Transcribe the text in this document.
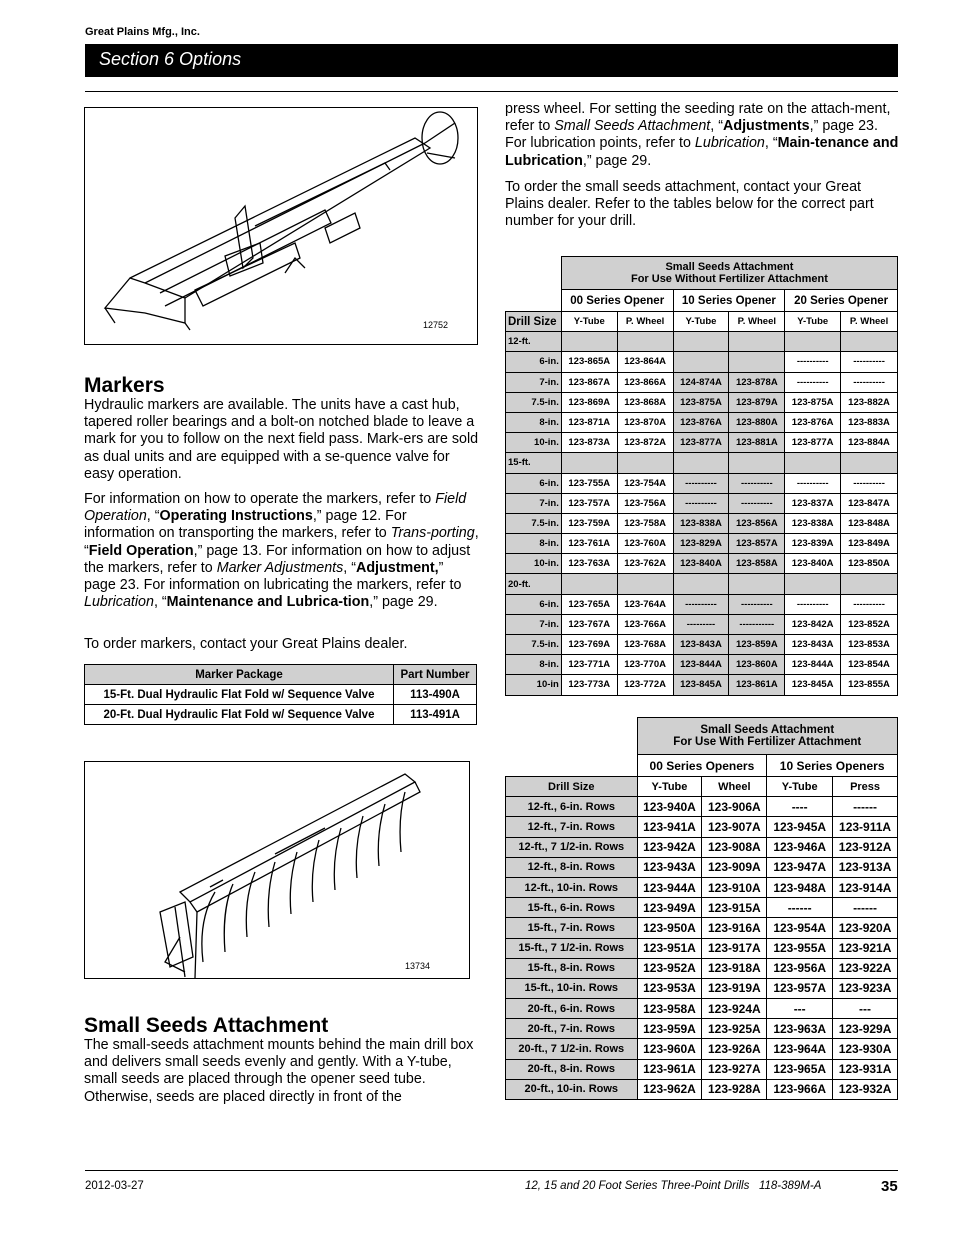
Great Plains Mfg., Inc.
Section 6 Options
12752
Markers
Hydraulic markers are available. The units have a cast hub, tapered roller bearings and a bolt-on notched blade to leave a mark for you to follow on the next field pass. Mark-ers are sold as dual units and are equipped with a se-quence valve for easy operation.
For information on how to operate the markers, refer to Field Operation, “Operating Instructions,” page 12. For information on transporting the markers, refer to Trans-porting, “Field Operation,” page 13. For information on how to adjust the markers, refer to Marker Adjustments, “Adjustment,” page 23. For information on lubricating the markers, refer to Lubrication, “Maintenance and Lubrica-tion,” page 29.
To order markers, contact your Great Plains dealer.
Marker Package	Part Number
15-Ft. Dual Hydraulic Flat Fold w/ Sequence Valve	113-490A
20-Ft. Dual Hydraulic Flat Fold w/ Sequence Valve	113-491A
13734
Small Seeds Attachment
The small-seeds attachment mounts behind the main drill box and delivers small seeds evenly and gently. With a Y-tube, small seeds are placed through the opener seed tube. Otherwise, seeds are placed directly in front of the
press wheel. For setting the seeding rate on the attach-ment, refer to Small Seeds Attachment, “Adjustments,” page 23. For lubrication points, refer to Lubrication, “Main-tenance and Lubrication,” page 29.
To order the small seeds attachment, contact your Great Plains dealer. Refer to the tables below for the correct part number for your drill.
	Small Seeds Attachment
For Use Without Fertilizer Attachment					
	00 Series Opener		10 Series Opener		20 Series Opener	
Drill Size	Y-Tube	P. Wheel	Y-Tube	P. Wheel	Y-Tube	P. Wheel
12-ft.						
6-in.	123-865A	123-864A			----------	----------
7-in.	123-867A	123-866A	124-874A	123-878A	----------	----------
7.5-in.	123-869A	123-868A	123-875A	123-879A	123-875A	123-882A
8-in.	123-871A	123-870A	123-876A	123-880A	123-876A	123-883A
10-in.	123-873A	123-872A	123-877A	123-881A	123-877A	123-884A
15-ft.						
6-in.	123-755A	123-754A	----------	----------	----------	----------
7-in.	123-757A	123-756A	----------	----------	123-837A	123-847A
7.5-in.	123-759A	123-758A	123-838A	123-856A	123-838A	123-848A
8-in.	123-761A	123-760A	123-829A	123-857A	123-839A	123-849A
10-in.	123-763A	123-762A	123-840A	123-858A	123-840A	123-850A
20-ft.						
6-in.	123-765A	123-764A	----------	----------	----------	----------
7-in.	123-767A	123-766A	---------	-----------	123-842A	123-852A
7.5-in.	123-769A	123-768A	123-843A	123-859A	123-843A	123-853A
8-in.	123-771A	123-770A	123-844A	123-860A	123-844A	123-854A
10-in	123-773A	123-772A	123-845A	123-861A	123-845A	123-855A
	Small Seeds Attachment
For Use With Fertilizer Attachment			
	00 Series Openers		10 Series Openers	
Drill Size	Y-Tube	Wheel	Y-Tube	Press
12-ft., 6-in. Rows	123-940A	123-906A	----	------
12-ft., 7-in. Rows	123-941A	123-907A	123-945A	123-911A
12-ft., 7 1/2-in. Rows	123-942A	123-908A	123-946A	123-912A
12-ft., 8-in. Rows	123-943A	123-909A	123-947A	123-913A
12-ft., 10-in. Rows	123-944A	123-910A	123-948A	123-914A
15-ft., 6-in. Rows	123-949A	123-915A	------	------
15-ft., 7-in. Rows	123-950A	123-916A	123-954A	123-920A
15-ft., 7 1/2-in. Rows	123-951A	123-917A	123-955A	123-921A
15-ft., 8-in. Rows	123-952A	123-918A	123-956A	123-922A
15-ft., 10-in. Rows	123-953A	123-919A	123-957A	123-923A
20-ft., 6-in. Rows	123-958A	123-924A	---	---
20-ft., 7-in. Rows	123-959A	123-925A	123-963A	123-929A
20-ft., 7 1/2-in. Rows	123-960A	123-926A	123-964A	123-930A
20-ft., 8-in. Rows	123-961A	123-927A	123-965A	123-931A
20-ft., 10-in. Rows	123-962A	123-928A	123-966A	123-932A
2012-03-27	12, 15 and 20 Foot Series Three-Point Drills   118-389M-A	35
